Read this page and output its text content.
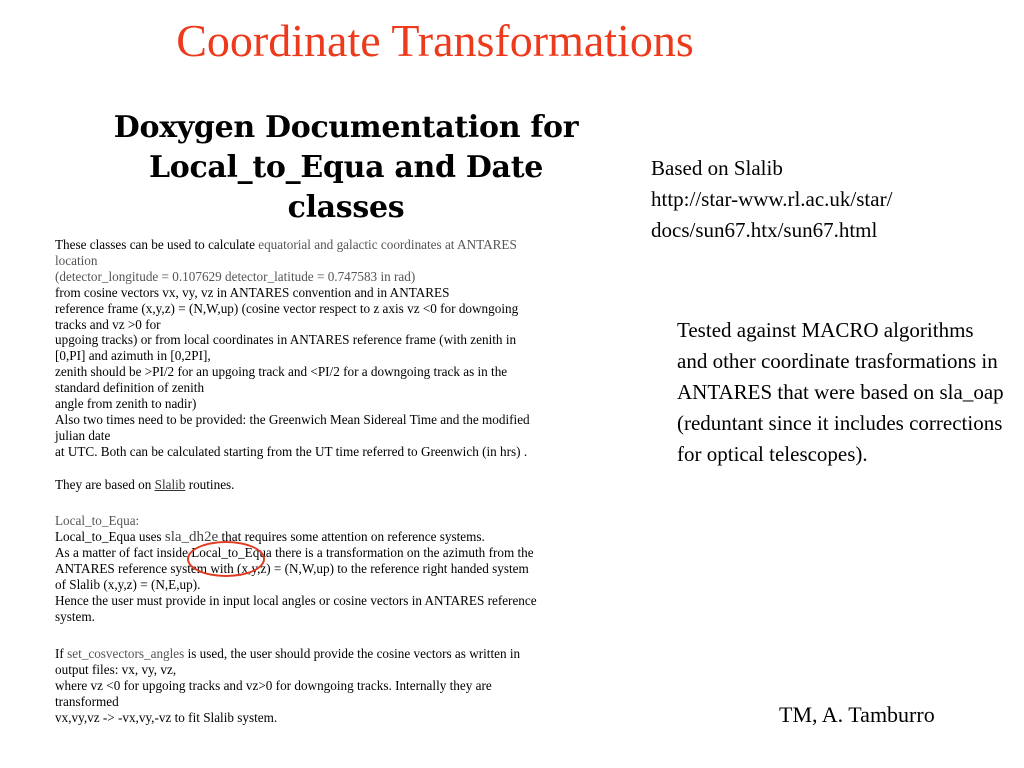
Coordinate Transformations
Doxygen Documentation for
Local_to_Equa and Date
classes
These classes can be used to calculate equatorial and galactic coordinates at ANTARES
location
(detector_longitude = 0.107629 detector_latitude = 0.747583 in rad)
from cosine vectors vx, vy, vz in ANTARES convention and in ANTARES
reference frame (x,y,z) = (N,W,up) (cosine vector respect to z axis vz <0 for downgoing
tracks and vz >0 for
upgoing tracks) or from local coordinates in ANTARES reference frame (with zenith in
[0,PI] and azimuth in [0,2PI],
zenith should be >PI/2 for an upgoing track and <PI/2 for a downgoing track as in the
standard definition of zenith
angle from zenith to nadir)
Also two times need to be provided: the Greenwich Mean Sidereal Time and the modified
julian date
at UTC. Both can be calculated starting from the UT time referred to Greenwich (in hrs) .
They are based on Slalib routines.
Local_to_Equa:
Local_to_Equa uses sla_dh2e that requires some attention on reference systems.
As a matter of fact inside Local_to_Equa there is a transformation on the azimuth from the
ANTARES reference system with (x,y,z) = (N,W,up) to the reference right handed system
of Slalib (x,y,z) = (N,E,up).
Hence the user must provide in input local angles or cosine vectors in ANTARES reference
system.
If set_cosvectors_angles is used, the user should provide the cosine vectors as written in
output files: vx, vy, vz,
where vz <0 for upgoing tracks and vz>0 for downgoing tracks. Internally they are
transformed
vx,vy,vz -> -vx,vy,-vz to fit Slalib system.
Based on Slalib
http://star-www.rl.ac.uk/star/
docs/sun67.htx/sun67.html
Tested against MACRO algorithms and other coordinate trasformations in ANTARES that were based on sla_oap (reduntant since it includes corrections for optical telescopes).
TM, A. Tamburro
